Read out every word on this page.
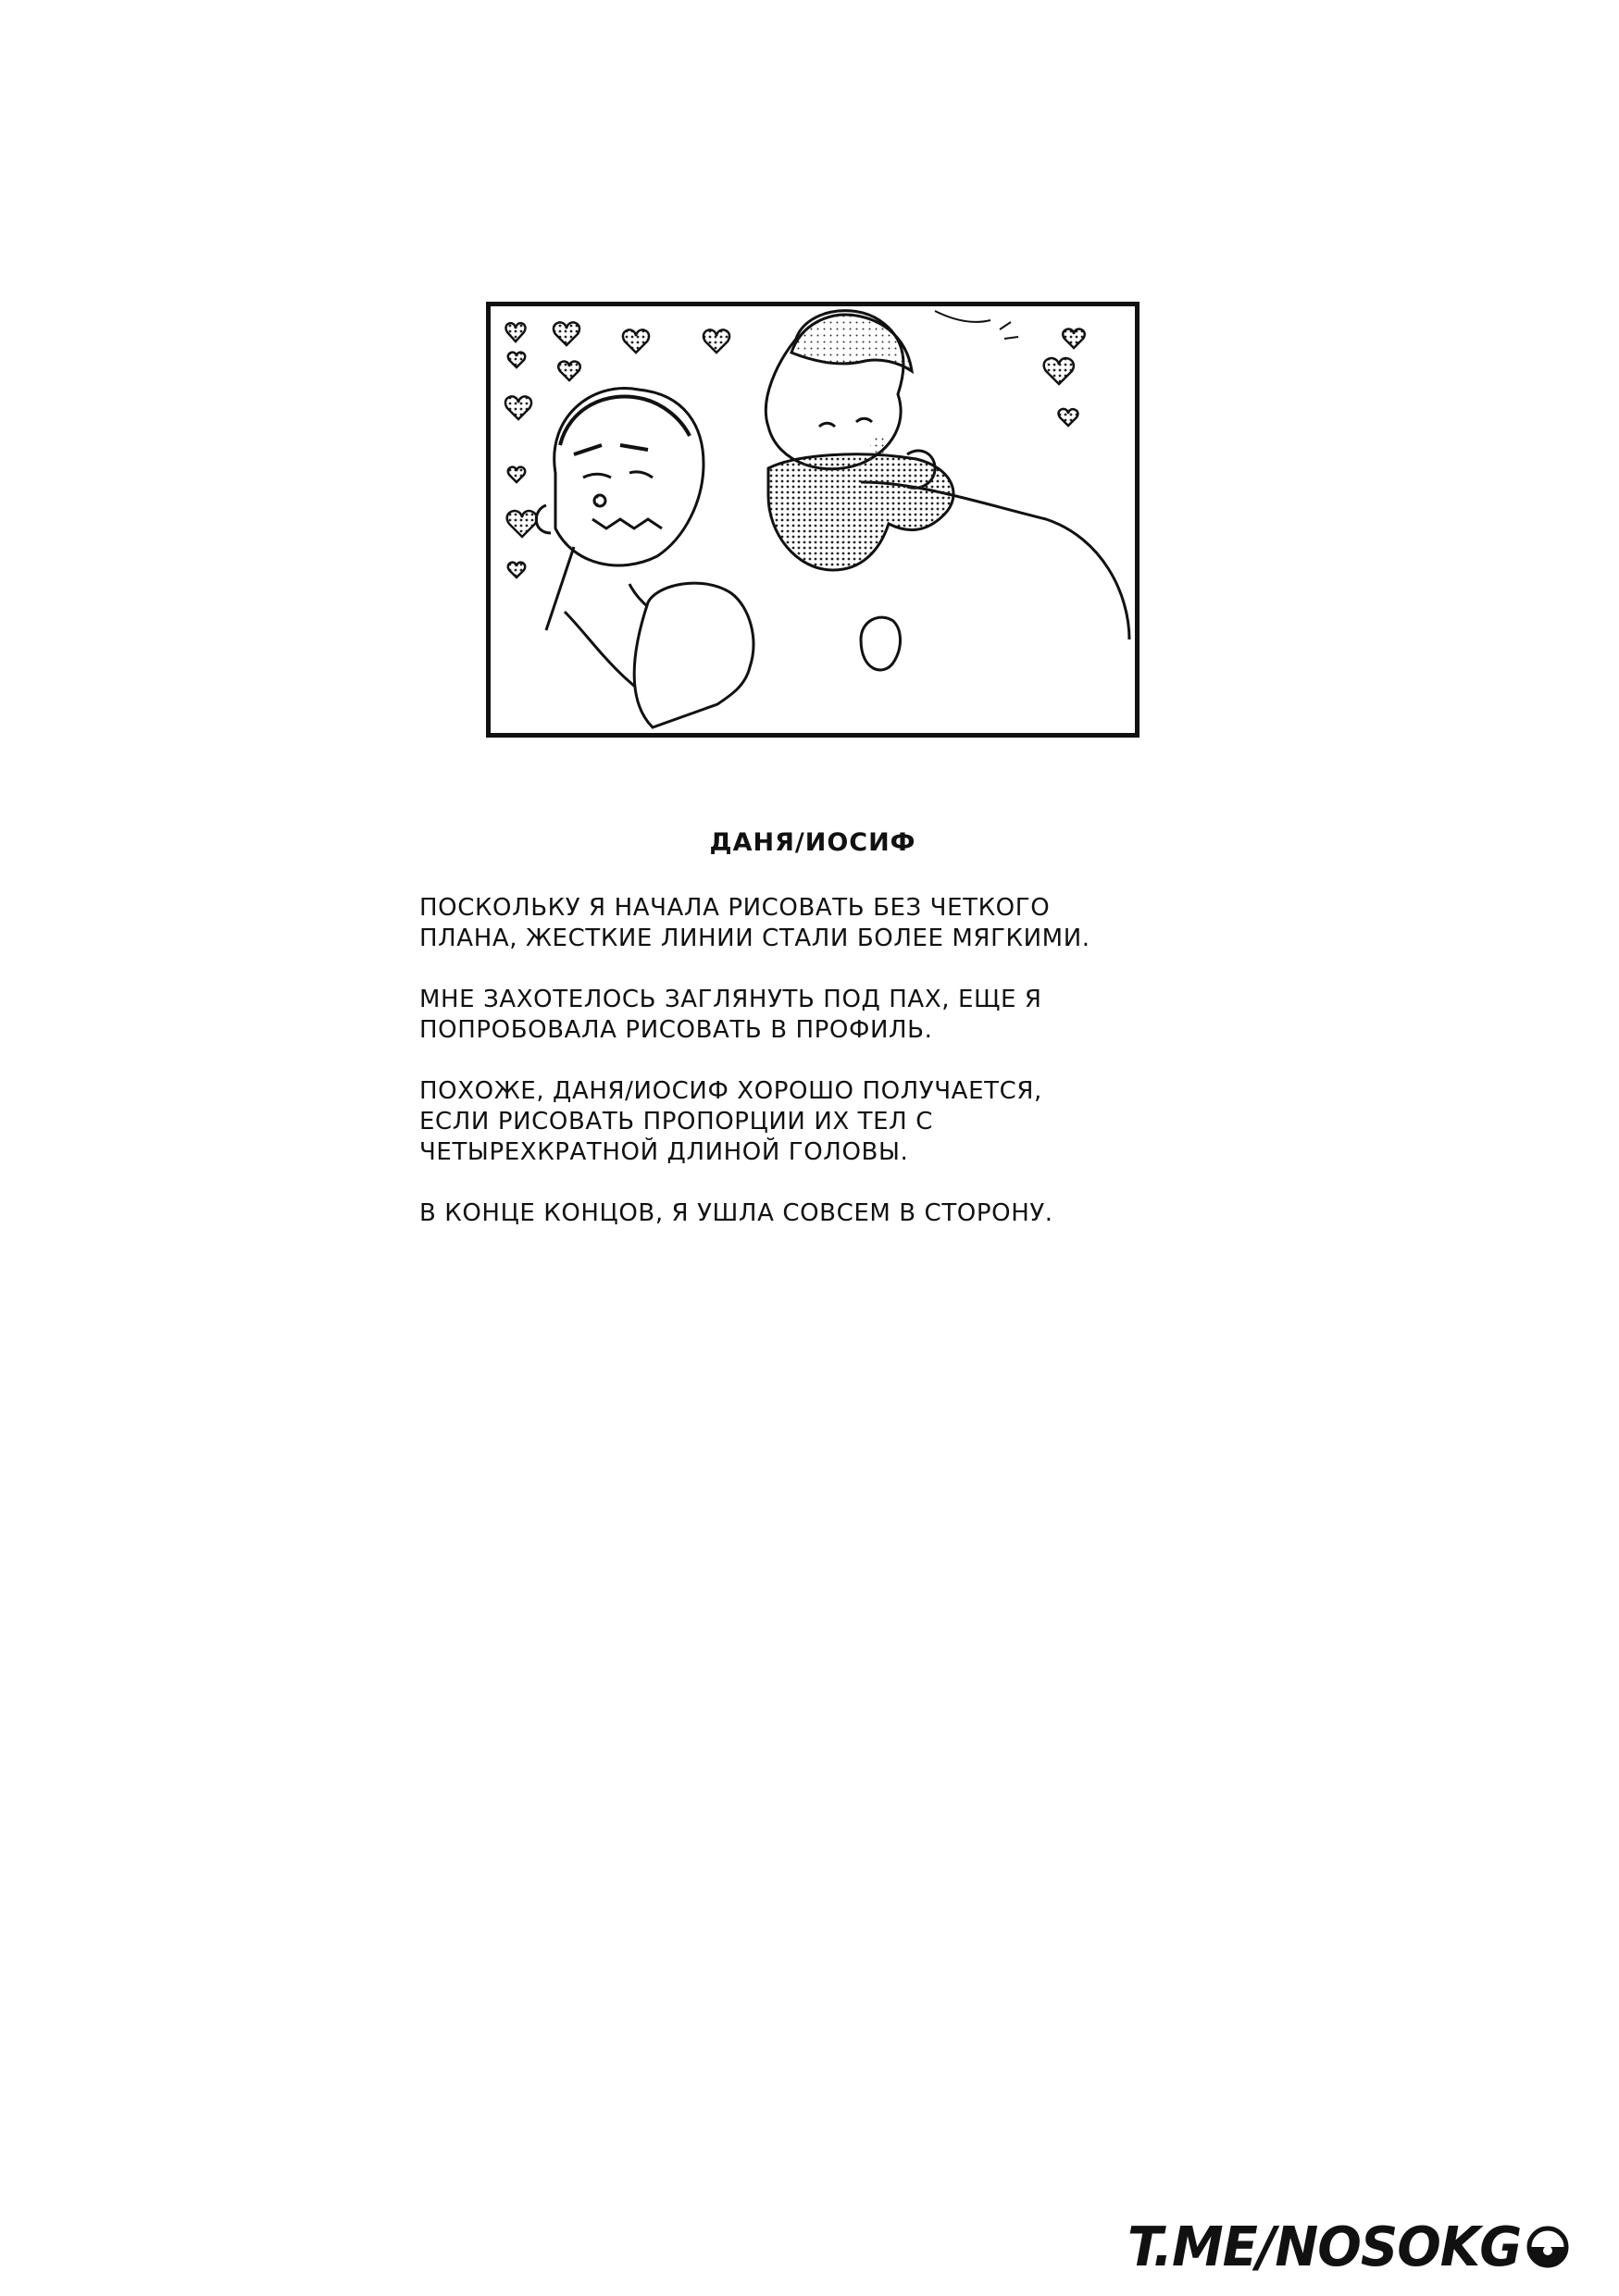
ДАНЯ/ИОСИФ

ПОСКОЛЬКУ Я НАЧАЛА РИСОВАТЬ БЕЗ ЧЕТКОГО
ПЛАНА, ЖЕСТКИЕ ЛИНИИ СТАЛИ БОЛЕЕ МЯГКИМИ.

МНЕ ЗАХОТЕЛОСЬ ЗАГЛЯНУТЬ ПОД ПАХ, ЕЩЕ Я
ПОПРОБОВАЛА РИСОВАТЬ В ПРОФИЛЬ.

ПОХОЖЕ, ДАНЯ/ИОСИФ ХОРОШО ПОЛУЧАЕТСЯ,
ЕСЛИ РИСОВАТЬ ПРОПОРЦИИ ИХ ТЕЛ С
ЧЕТЫРЕХКРАТНОЙ ДЛИНОЙ ГОЛОВЫ.

В КОНЦЕ КОНЦОВ, Я УШЛА СОВСЕМ В СТОРОНУ.

T.ME/NOSOKG
